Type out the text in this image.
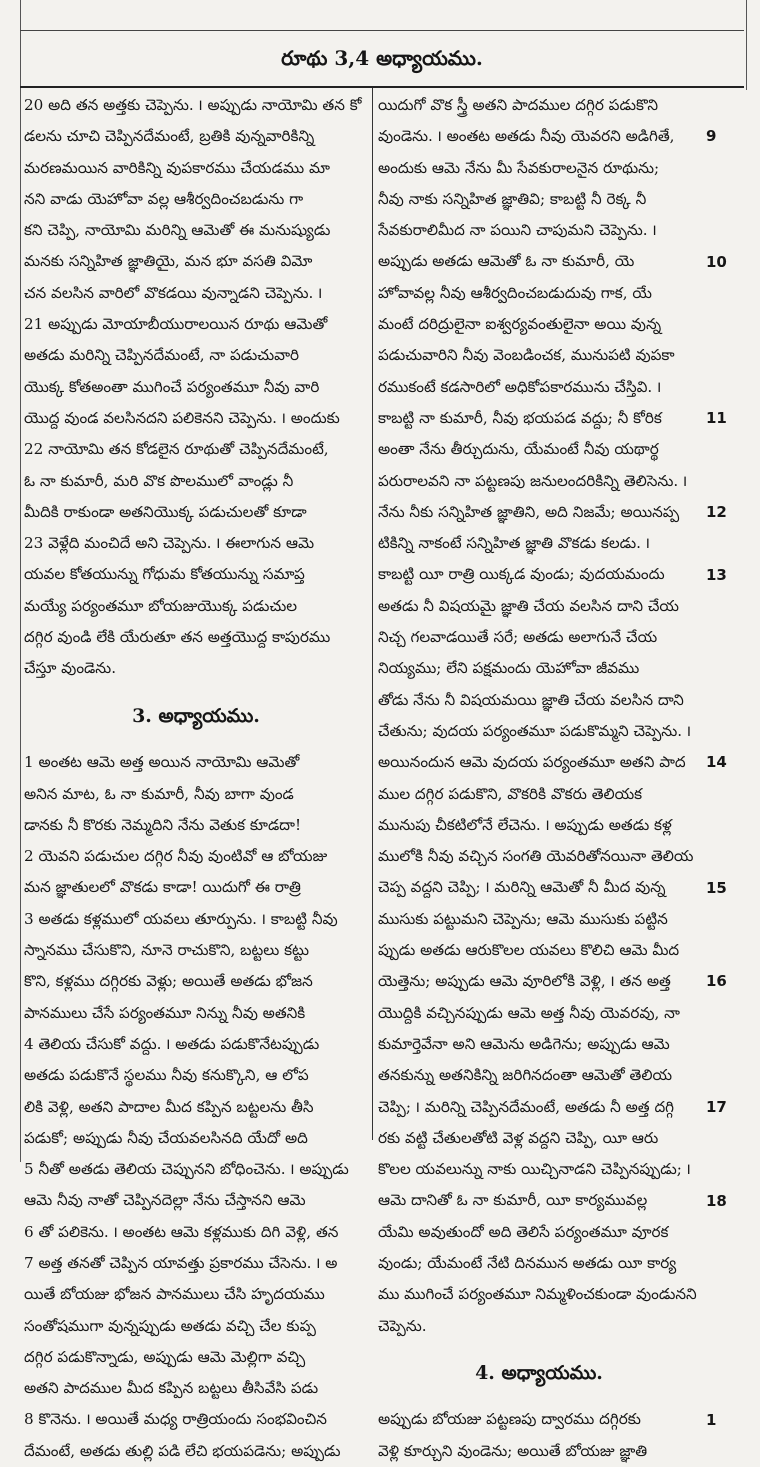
రూథు 3,4 అధ్యాయము.
20 అది తన అత్తకు చెప్పెను. ౹ అప్పుడు నాయోమి తన కో
డలను చూచి చెప్పినదేమంటే, బ్రతికి వున్నవారికిన్ని
మరణమయిన వారికిన్ని వుపకారము చేయడము మా
నని వాడు యెహోవా వల్ల ఆశీర్వదించబడును గా
కని చెప్పి, నాయోమి మరిన్ని ఆమెతో ఈ మనుష్యుడు
మనకు సన్నిహిత జ్ఞాతియై, మన భూ వసతి విమో
చన వలసిన వారిలో వొకడయి వున్నాడని చెప్పెను. ౹
21 అప్పుడు మోయాబీయురాలయిన రూథు ఆమెతో
అతడు మరిన్ని చెప్పినదేమంటే, నా పడుచువారి
యొక్క కోతఅంతా ముగించే పర్యంతమూ నీవు వారి
యొద్ద వుండ వలసినదని పలికెనని చెప్పెను. ౹ అందుకు
22 నాయోమి తన కోడలైన రూథుతో చెప్పినదేమంటే,
ఓ నా కుమారీ, మరి వొక పొలములో వాండ్లు నీ
మీదికి రాకుండా అతనియొక్క పడుచులతో కూడా
23 వెళ్లేది మంచిదే అని చెప్పెను. ౹ ఈలాగున ఆమె
యవల కోతయున్ను గోధుమ కోతయున్ను సమాప్త
మయ్యే పర్యంతమూ బోయజుయొక్క పడుచుల
దగ్గిర వుండి లేకి యేరుతూ తన అత్తయొద్ద కాపురము
చేస్తూ వుండెను.
3. అధ్యాయము.
1 అంతట ఆమె అత్త అయిన నాయోమి ఆమెతో
అనిన మాట, ఓ నా కుమారీ, నీవు బాగా వుండ
డానకు నీ కొరకు నెమ్మదిని నేను వెతుక కూడదా!
2 యెవని పడుచుల దగ్గిర నీవు వుంటివో ఆ బోయజు
మన జ్ఞాతులలో వొకడు కాడా! యిదుగో ఈ రాత్రి
3 అతడు కళ్లములో యవలు తూర్పును. ౹ కాబట్టి నీవు
స్నానము చేసుకొని, నూనె రాచుకొని, బట్టలు కట్టు
కొని, కళ్లము దగ్గిరకు వెళ్లు; అయితే అతడు భోజన
పానములు చేసే పర్యంతమూ నిన్ను నీవు అతనికి
4 తెలియ చేసుకో వద్దు. ౹ అతడు పడుకొనేటప్పుడు
అతడు పడుకొనే స్థలము నీవు కనుక్కొని, ఆ లోప
లికి వెళ్లి, అతని పాదాల మీద కప్పిన బట్టలను తీసి
పడుకో; అప్పుడు నీవు చేయవలసినది యేదో అది
5 నీతో అతడు తెలియ చెప్పునని బోధించెను. ౹ అప్పుడు
ఆమె నీవు నాతో చెప్పినదెల్లా నేను చేస్తానని ఆమె
6 తో పలికెను. ౹ అంతట ఆమె కళ్లముకు దిగి వెళ్లి, తన
7 అత్త తనతో చెప్పిన యావత్తు ప్రకారము చేసెను. ౹ అ
యితే బోయజు భోజన పానములు చేసి హృదయము
సంతోషముగా వున్నప్పుడు అతడు వచ్చి చేల కుప్ప
దగ్గిర పడుకొన్నాడు, అప్పుడు ఆమె మెల్లిగా వచ్చి
అతని పాదముల మీద కప్పిన బట్టలు తీసివేసి పడు
8 కొనెను. ౹ అయితే మధ్య రాత్రియందు సంభవించిన
దేమంటే, అతడు తుల్లి పడి లేచి భయపడెను; అప్పుడు
యిదుగో వొక స్త్రీ అతని పాదముల దగ్గిర పడుకొని
వుండెను. ౹ అంతట అతడు నీవు యెవరని అడిగితే,
అందుకు ఆమె నేను మీ సేవకురాలనైన రూథును;
నీవు నాకు సన్నిహిత జ్ఞాతివి; కాబట్టి నీ రెక్క నీ
సేవకురాలిమీద నా పయిని చాపుమని చెప్పెను. ౹
అప్పుడు అతడు ఆమెతో ఓ నా కుమారీ, యె
హోవావల్ల నీవు ఆశీర్వదించబడుదువు గాక, యే
మంటే దరిద్రులైనా ఐశ్వర్యవంతులైనా అయి వున్న
పడుచువారిని నీవు వెంబడించక, మునుపటి వుపకా
రముకంటే కడసారిలో అధికోపకారమును చేస్తివి. ౹
కాబట్టి నా కుమారీ, నీవు భయపడ వద్దు; నీ కోరిక
అంతా నేను తీర్చుదును, యేమంటే నీవు యథార్థ
పరురాలవని నా పట్టణపు జనులందరికిన్ని తెలిసెను. ౹
నేను నీకు సన్నిహిత జ్ఞాతిని, అది నిజమే; అయినప్ప
టికిన్ని నాకంటే సన్నిహిత జ్ఞాతి వొకడు కలడు. ౹
కాబట్టి యీ రాత్రి యిక్కడ వుండు; వుదయమందు
అతడు నీ విషయమై జ్ఞాతి చేయ వలసిన దాని చేయ
నిచ్చ గలవాడయితే సరే; అతడు అలాగునే చేయ
నియ్యము; లేని పక్షమందు యెహోవా జీవము
తోడు నేను నీ విషయమయి జ్ఞాతి చేయ వలసిన దాని
చేతును; వుదయ పర్యంతమూ పడుకొమ్మని చెప్పెను. ౹
అయినందున ఆమె వుదయ పర్యంతమూ అతని పాద
ముల దగ్గిర పడుకొని, వొకరికి వొకరు తెలియక
మునుపు చీకటిలోనే లేచెను. ౹ అప్పుడు అతడు కళ్ల
ములోకి నీవు వచ్చిన సంగతి యెవరితోనయినా తెలియ
చెప్ప వద్దని చెప్పి; ౹ మరిన్ని ఆమెతో నీ మీద వున్న
ముసుకు పట్టుమని చెప్పెను; ఆమె ముసుకు పట్టిన
ప్పుడు అతడు ఆరుకొలల యవలు కొలిచి ఆమె మీద
యెత్తెను; అప్పుడు ఆమె వూరిలోకి వెళ్లి, ౹ తన అత్త
యొద్దికి వచ్చినప్పుడు ఆమె అత్త నీవు యెవరవు, నా
కుమార్తెవేనా అని ఆమెను అడిగెను; అప్పుడు ఆమె
తనకున్ను అతనికిన్ని జరిగినదంతా ఆమెతో తెలియ
చెప్పి; ౹ మరిన్ని చెప్పినదేమంటే, అతడు నీ అత్త దగ్గి
రకు వట్టి చేతులతోటి వెళ్ల వద్దని చెప్పి, యీ ఆరు
కొలల యవలున్ను నాకు యిచ్చినాడని చెప్పినప్పుడు; ౹
ఆమె దానితో ఓ నా కుమారీ, యీ కార్యమువల్ల
యేమి అవుతుందో అది తెలిసే పర్యంతమూ వూరక
వుండు; యేమంటే నేటి దినమున అతడు యీ కార్య
ము ముగించే పర్యంతమూ నిమ్మళించకుండా వుండునని
చెప్పెను.
4. అధ్యాయము.
అప్పుడు బోయజు పట్టణపు ద్వారము దగ్గిరకు
వెళ్లి కూర్చుని వుండెను; అయితే బోయజు జ్ఞాతి
9
10
11
12
13
14
15
16
17
18
1
